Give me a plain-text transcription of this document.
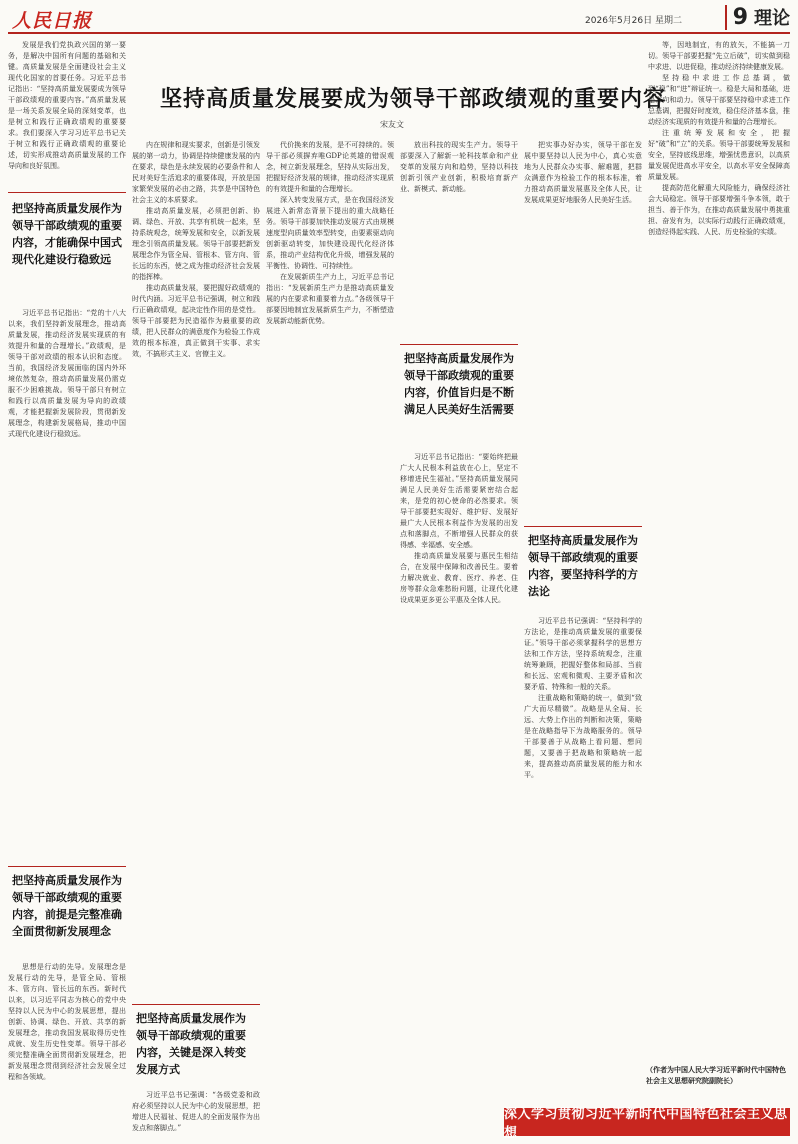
人民日报	2026年5月26日 星期二	9 理论
坚持高质量发展要成为领导干部政绩观的重要内容
宋友文

发展是我们党执政兴国的第一要务，是解决中国所有问题的基础和关键。高质量发展是全面建设社会主义现代化国家的首要任务。习近平总书记指出：“坚持高质量发展要成为领导干部政绩观的重要内容。”高质量发展是一场关系发展全局的深刻变革，也是树立和践行正确政绩观的重要要求。我们要深入学习习近平总书记关于树立和践行正确政绩观的重要论述，切实形成推动高质量发展的工作导向和良好氛围。

把坚持高质量发展作为领导干部政绩观的重要内容，才能确保中国式现代化建设行稳致远

习近平总书记指出：“党的十八大以来，我们坚持新发展理念，推动高质量发展，推动经济发展实现质的有效提升和量的合理增长。”政绩观，是领导干部对政绩的根本认识和态度。当前，我国经济发展面临的国内外环境依然复杂，推动高质量发展仍需克服不少困难挑战。领导干部只有树立和践行以高质量发展为导向的政绩观，才能把握新发展阶段，贯彻新发展理念，构建新发展格局，推动中国式现代化建设行稳致远。

把坚持高质量发展作为领导干部政绩观的重要内容，前提是完整准确全面贯彻新发展理念

思想是行动的先导。发展理念是发展行动的先导，是管全局、管根本、管方向、管长远的东西。新时代以来，以习近平同志为核心的党中央坚持以人民为中心的发展思想，提出创新、协调、绿色、开放、共享的新发展理念，推动我国发展取得历史性成就、发生历史性变革。领导干部必须完整准确全面贯彻新发展理念，把新发展理念贯彻到经济社会发展全过程和各领域。

内在规律和现实要求，创新是引领发展的第一动力，协调是持续健康发展的内在要求，绿色是永续发展的必要条件和人民对美好生活追求的重要体现，开放是国家繁荣发展的必由之路，共享是中国特色社会主义的本质要求。

推动高质量发展，必须把创新、协调、绿色、开放、共享有机统一起来，坚持系统观念，统筹发展和安全，以新发展理念引领高质量发展。领导干部要把新发展理念作为管全局、管根本、管方向、管长远的东西，使之成为推动经济社会发展的指挥棒。

推动高质量发展，要把握好政绩观的时代内涵。习近平总书记强调，树立和践行正确政绩观，起决定性作用的是党性。领导干部要把为民造福作为最重要的政绩，把人民群众的满意度作为检验工作成效的根本标准，真正做到干实事、求实效，不搞形式主义、官僚主义。

把坚持高质量发展作为领导干部政绩观的重要内容，关键是深入转变发展方式

习近平总书记强调：“各级党委和政府必须坚持以人民为中心的发展思想，把增进人民福祉、促进人的全面发展作为出发点和落脚点。”

代价换来的发展，是不可持续的。领导干部必须摒弃唯GDP论英雄的错误观念，树立新发展理念，坚持从实际出发，把握好经济发展的规律，推动经济实现质的有效提升和量的合理增长。

深入转变发展方式，是在我国经济发展进入新常态背景下提出的重大战略任务。领导干部要加快推动发展方式由规模速度型向质量效率型转变，由要素驱动向创新驱动转变，加快建设现代化经济体系，推动产业结构优化升级，增强发展的平衡性、协调性、可持续性。

在发展新质生产力上，习近平总书记指出：“发展新质生产力是推动高质量发展的内在要求和重要着力点。”各级领导干部要因地制宜发展新质生产力，不断塑造发展新动能新优势。

放出科技的现实生产力。领导干部要深入了解新一轮科技革命和产业变革的发展方向和趋势，坚持以科技创新引领产业创新，积极培育新产业、新模式、新动能。

把坚持高质量发展作为领导干部政绩观的重要内容，价值旨归是不断满足人民美好生活需要

习近平总书记指出：“要始终把最广大人民根本利益放在心上，坚定不移增进民生福祉。”坚持高质量发展同满足人民美好生活需要紧密结合起来，是党的初心使命的必然要求。领导干部要把实现好、维护好、发展好最广大人民根本利益作为发展的出发点和落脚点，不断增强人民群众的获得感、幸福感、安全感。

推动高质量发展要与惠民生相结合，在发展中保障和改善民生。要着力解决就业、教育、医疗、养老、住房等群众急难愁盼问题，让现代化建设成果更多更公平惠及全体人民。

把实事办好办实，领导干部在发展中要坚持以人民为中心，真心实意地为人民群众办实事、解难题，把群众满意作为检验工作的根本标准，着力推动高质量发展惠及全体人民，让发展成果更好地服务人民美好生活。

把坚持高质量发展作为领导干部政绩观的重要内容，要坚持科学的方法论

习近平总书记强调：“坚持科学的方法论，是推动高质量发展的重要保证。”领导干部必须掌握科学的思想方法和工作方法，坚持系统观念，注重统筹兼顾，把握好整体和局部、当前和长远、宏观和微观、主要矛盾和次要矛盾、特殊和一般的关系。

注重战略和策略的统一，做到“致广大而尽精微”。战略是从全局、长远、大势上作出的判断和决策，策略是在战略指导下为战略服务的。领导干部要善于从战略上看问题、想问题，又要善于把战略和策略统一起来，提高推动高质量发展的能力和水平。

等，因地制宜，有的放矢，不能搞一刀切。领导干部要把握“先立后破”，切实做到稳中求进、以进促稳，推动经济持续健康发展。

坚持稳中求进工作总基调，做到“稳”和“进”辩证统一。稳是大局和基础，进是方向和动力。领导干部要坚持稳中求进工作总基调，把握好时度效，稳住经济基本盘，推动经济实现质的有效提升和量的合理增长。

注重统筹发展和安全，把握好“破”和“立”的关系。领导干部要统筹发展和安全，坚持底线思维，增强忧患意识，以高质量发展促进高水平安全，以高水平安全保障高质量发展。

提高防范化解重大风险能力，确保经济社会大局稳定。领导干部要增强斗争本领，敢于担当、善于作为，在推动高质量发展中勇挑重担、奋发有为，以实际行动践行正确政绩观，创造经得起实践、人民、历史检验的实绩。

（作者为中国人民大学习近平新时代中国特色社会主义思想研究院副院长）
深入学习贯彻习近平新时代中国特色社会主义思想
